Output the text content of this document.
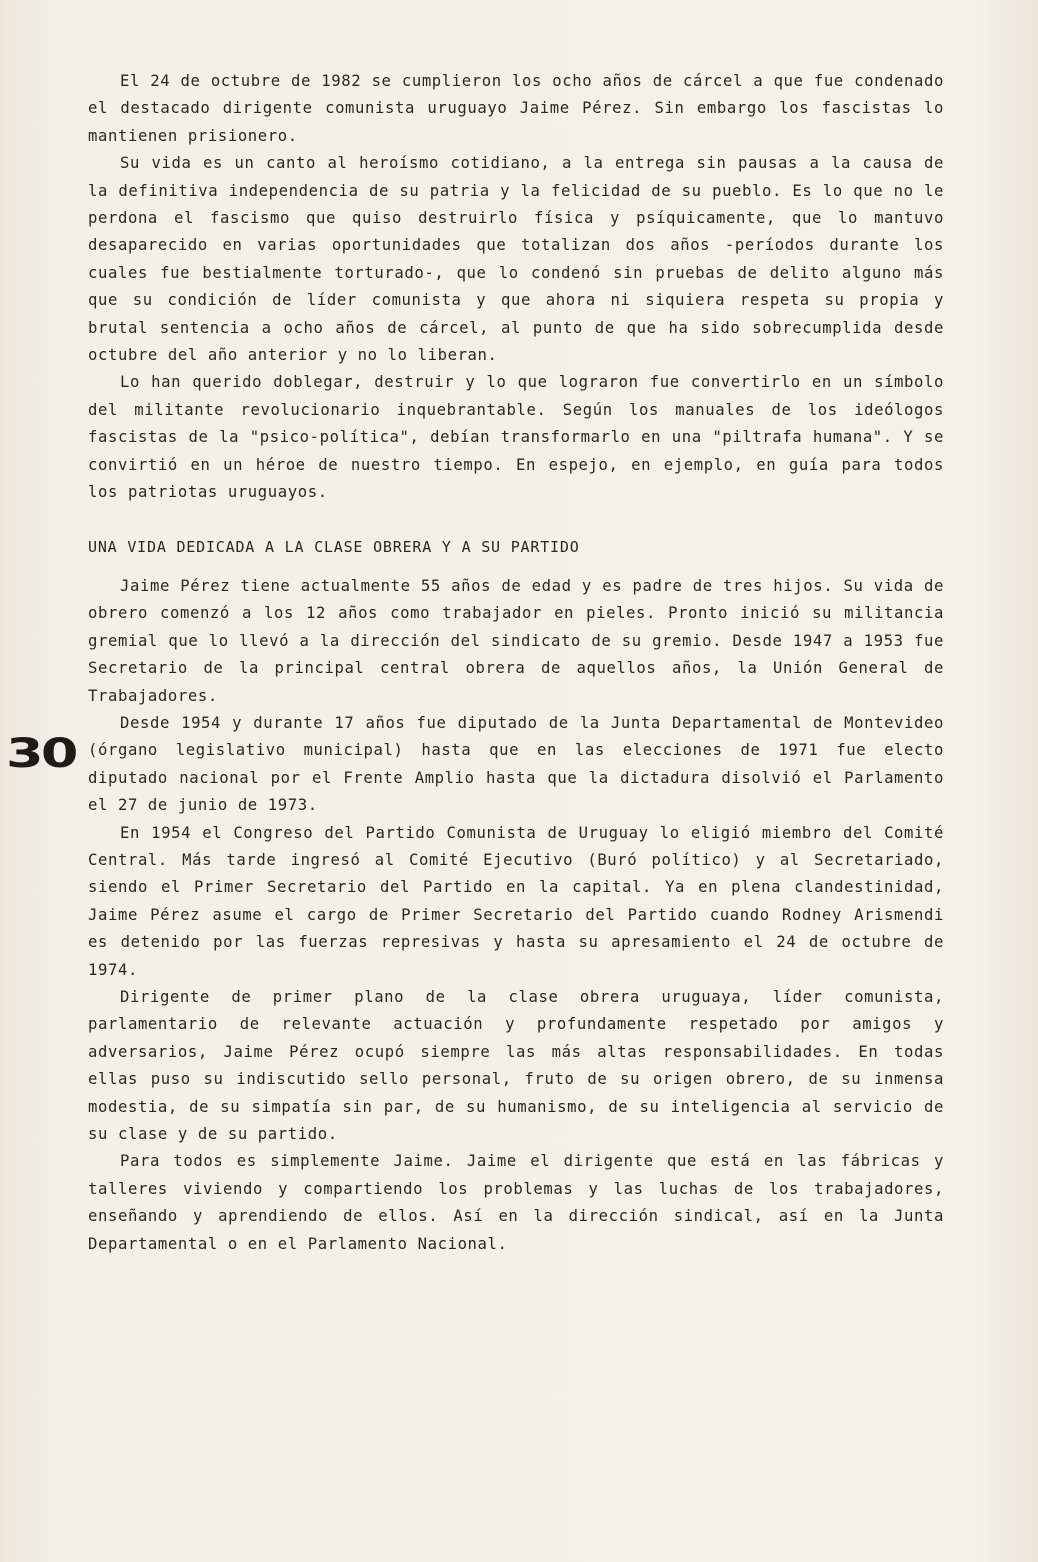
30

El 24 de octubre de 1982 se cumplieron los ocho años de cárcel a que fue condenado el destacado dirigente comunista uruguayo Jaime Pérez. Sin embargo los fascistas lo mantienen prisionero.

Su vida es un canto al heroísmo cotidiano, a la entrega sin pausas a la causa de la definitiva independencia de su patria y la felicidad de su pueblo. Es lo que no le perdona el fascismo que quiso destruirlo física y psíquicamente, que lo mantuvo desaparecido en varias oportunidades que totalizan dos años -períodos durante los cuales fue bestialmente torturado-, que lo condenó sin pruebas de delito alguno más que su condición de líder comunista y que ahora ni siquiera respeta su propia y brutal sentencia a ocho años de cárcel, al punto de que ha sido sobrecumplida desde octubre del año anterior y no lo liberan.

Lo han querido doblegar, destruir y lo que lograron fue convertirlo en un símbolo del militante revolucionario inquebrantable. Según los manuales de los ideólogos fascistas de la "psico-política", debían transformarlo en una "piltrafa humana". Y se convirtió en un héroe de nuestro tiempo. En espejo, en ejemplo, en guía para todos los patriotas uruguayos.

UNA VIDA DEDICADA A LA CLASE OBRERA Y A SU PARTIDO

Jaime Pérez tiene actualmente 55 años de edad y es padre de tres hijos. Su vida de obrero comenzó a los 12 años como trabajador en pieles. Pronto inició su militancia gremial que lo llevó a la dirección del sindicato de su gremio. Desde 1947 a 1953 fue Secretario de la principal central obrera de aquellos años, la Unión General de Trabajadores.

Desde 1954 y durante 17 años fue diputado de la Junta Departamental de Montevideo (órgano legislativo municipal) hasta que en las elecciones de 1971 fue electo diputado nacional por el Frente Amplio hasta que la dictadura disolvió el Parlamento el 27 de junio de 1973.

En 1954 el Congreso del Partido Comunista de Uruguay lo eligió miembro del Comité Central. Más tarde ingresó al Comité Ejecutivo (Buró político) y al Secretariado, siendo el Primer Secretario del Partido en la capital. Ya en plena clandestinidad, Jaime Pérez asume el cargo de Primer Secretario del Partido cuando Rodney Arismendi es detenido por las fuerzas represivas y hasta su apresamiento el 24 de octubre de 1974.

Dirigente de primer plano de la clase obrera uruguaya, líder comunista, parlamentario de relevante actuación y profundamente respetado por amigos y adversarios, Jaime Pérez ocupó siempre las más altas responsabilidades. En todas ellas puso su indiscutido sello personal, fruto de su origen obrero, de su inmensa modestia, de su simpatía sin par, de su humanismo, de su inteligencia al servicio de su clase y de su partido.

Para todos es simplemente Jaime. Jaime el dirigente que está en las fábricas y talleres viviendo y compartiendo los problemas y las luchas de los trabajadores, enseñando y aprendiendo de ellos. Así en la dirección sindical, así en la Junta Departamental o en el Parlamento Nacional.
